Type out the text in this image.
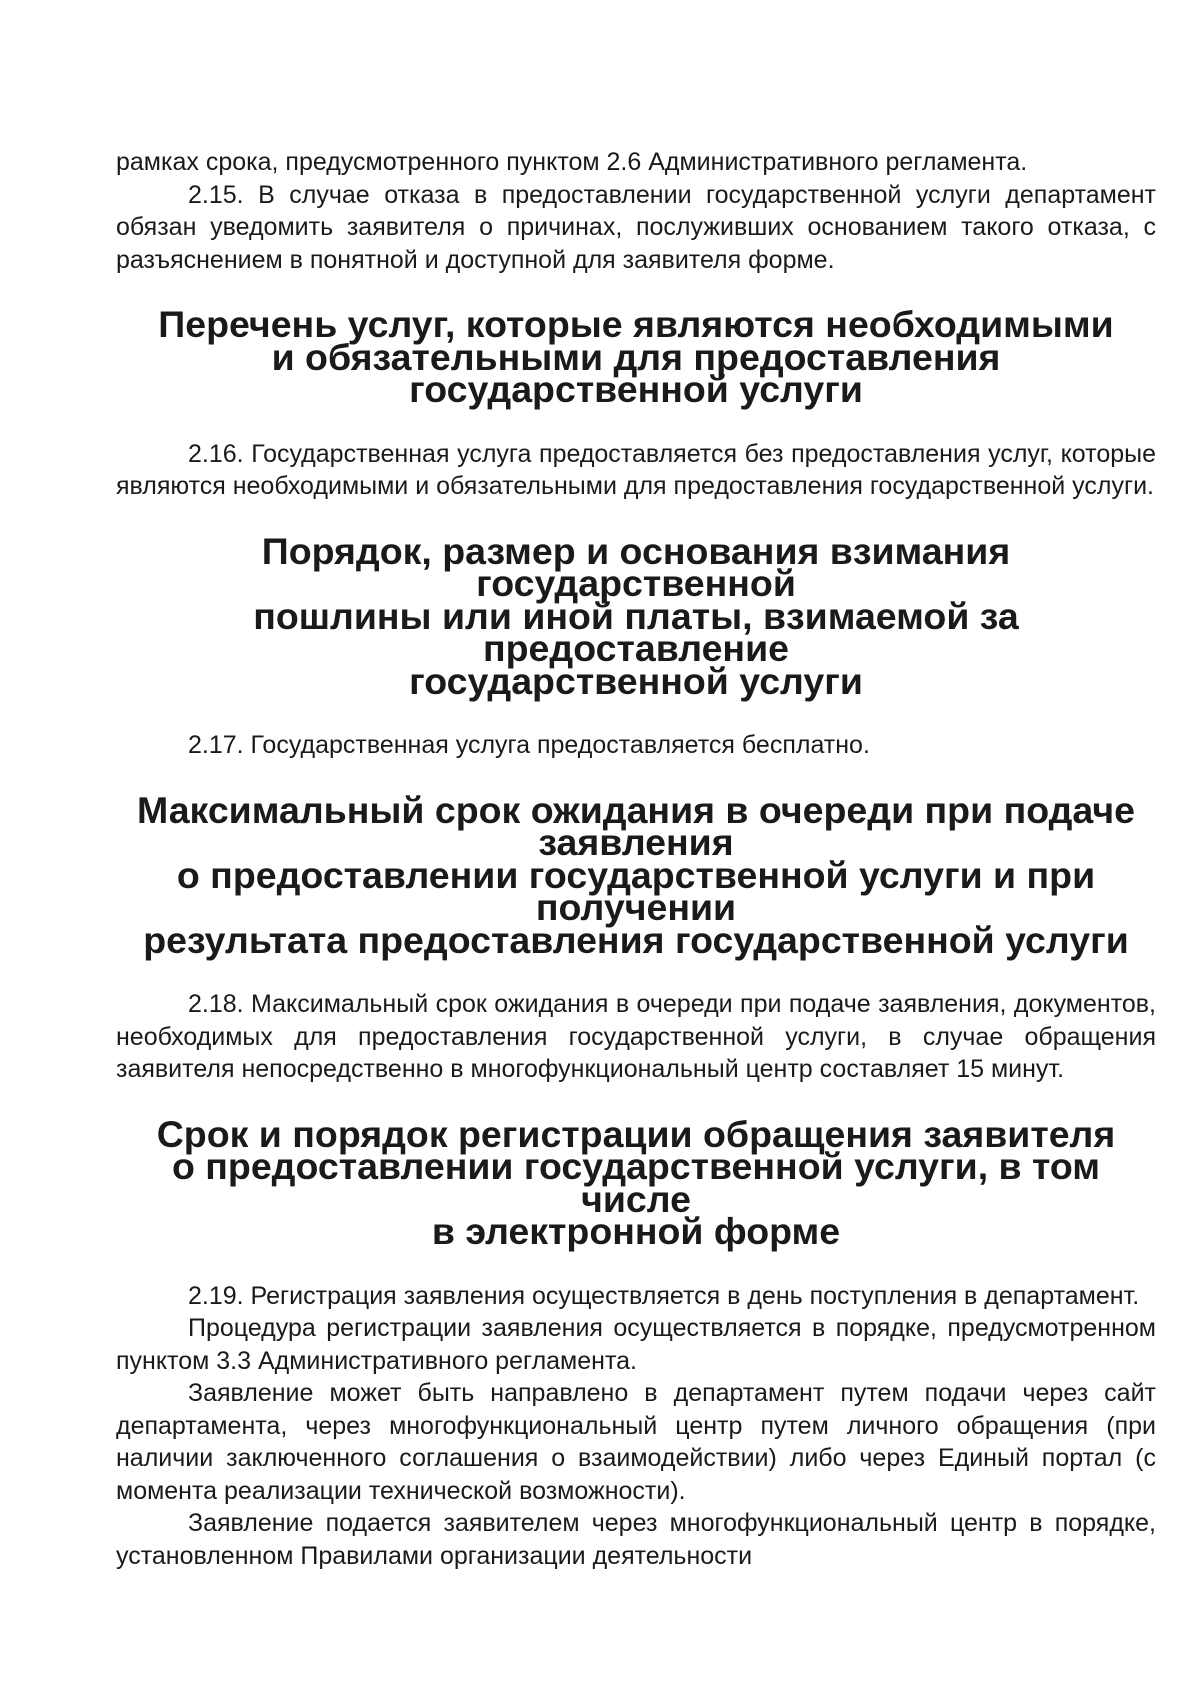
рамках срока, предусмотренного пунктом 2.6 Административного регламента.

2.15. В случае отказа в предоставлении государственной услуги департамент обязан уведомить заявителя о причинах, послуживших основанием такого отказа, с разъяснением в понятной и доступной для заявителя форме.

Перечень услуг, которые являются необходимыми
и обязательными для предоставления государственной услуги

2.16. Государственная услуга предоставляется без предоставления услуг, которые являются необходимыми и обязательными для предоставления государственной услуги.

Порядок, размер и основания взимания государственной
пошлины или иной платы, взимаемой за предоставление
государственной услуги

2.17. Государственная услуга предоставляется бесплатно.

Максимальный срок ожидания в очереди при подаче заявления
о предоставлении государственной услуги и при получении
результата предоставления государственной услуги

2.18. Максимальный срок ожидания в очереди при подаче заявления, документов, необходимых для предоставления государственной услуги, в случае обращения заявителя непосредственно в многофункциональный центр составляет 15 минут.

Срок и порядок регистрации обращения заявителя
о предоставлении государственной услуги, в том числе
в электронной форме

2.19. Регистрация заявления осуществляется в день поступления в департамент.

Процедура регистрации заявления осуществляется в порядке, предусмотренном пунктом 3.3 Административного регламента.

Заявление может быть направлено в департамент путем подачи через сайт департамента, через многофункциональный центр путем личного обращения (при наличии заключенного соглашения о взаимодействии) либо через Единый портал (с момента реализации технической возможности).

Заявление подается заявителем через многофункциональный центр в порядке, установленном Правилами организации деятельности
